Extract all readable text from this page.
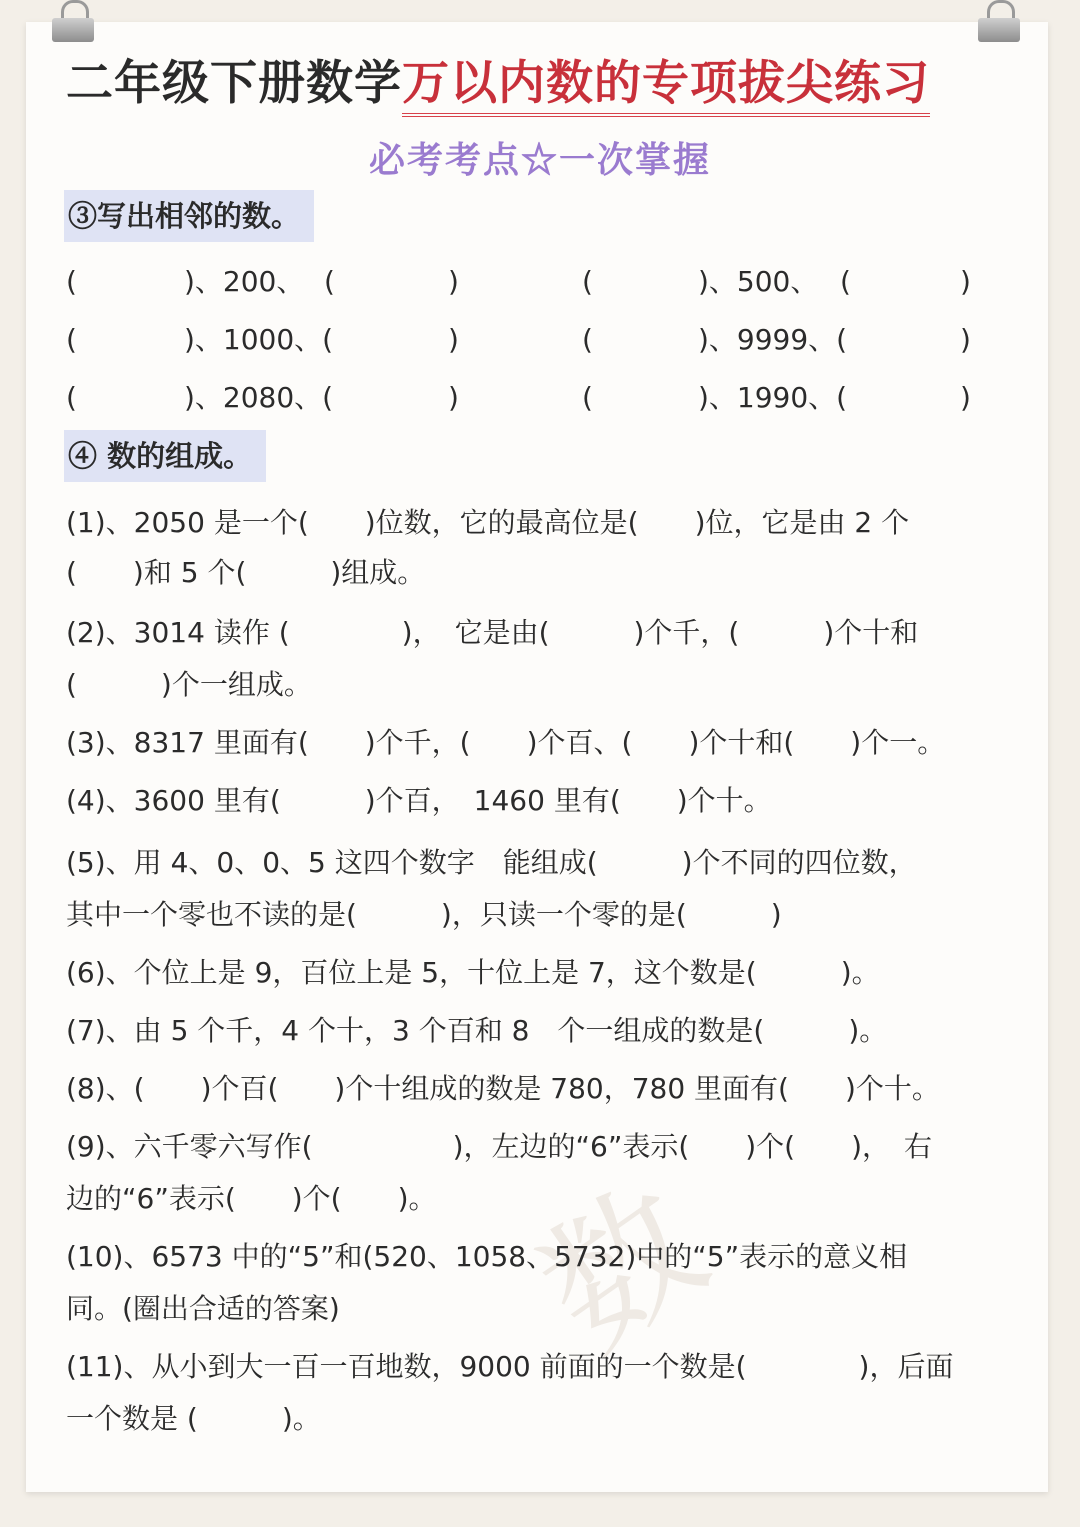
数
二年级下册数学万以内数的专项拔尖练习
必考考点☆一次掌握
③写出相邻的数。
(	)、200、 (	)	(	)、500、 (	)
(	)、1000、(	)	(	)、9999、(	)
(	)、2080、(	)	(	)、1990、(	)
④ 数的组成。
(1)、2050 是一个(　　)位数，它的最高位是(　　)位，它是由 2 个
(　　)和 5 个(　　　)组成。
(2)、3014 读作 (　　　　)，　它是由(　　　)个千，(　　　)个十和
(　　　)个一组成。
(3)、8317 里面有(　　)个千，(　　)个百、(　　)个十和(　　)个一。
(4)、3600 里有(　　　)个百，　1460 里有(　　)个十。
(5)、用 4、0、0、5 这四个数字　能组成(　　　)个不同的四位数，
其中一个零也不读的是(　　　)，只读一个零的是(　　　)
(6)、个位上是 9，百位上是 5，十位上是 7，这个数是(　　　)。
(7)、由 5 个千，4 个十，3 个百和 8　个一组成的数是(　　　)。
(8)、(　　)个百(　　)个十组成的数是 780，780 里面有(　　)个十。
(9)、六千零六写作(　　　　　)，左边的“6”表示(　　)个(　　)，　右
边的“6”表示(　　)个(　　)。
(10)、6573 中的“5”和(520、1058、5732)中的“5”表示的意义相
同。(圈出合适的答案)
(11)、从小到大一百一百地数，9000 前面的一个数是(　　　　)，后面
一个数是 (　　　)。
